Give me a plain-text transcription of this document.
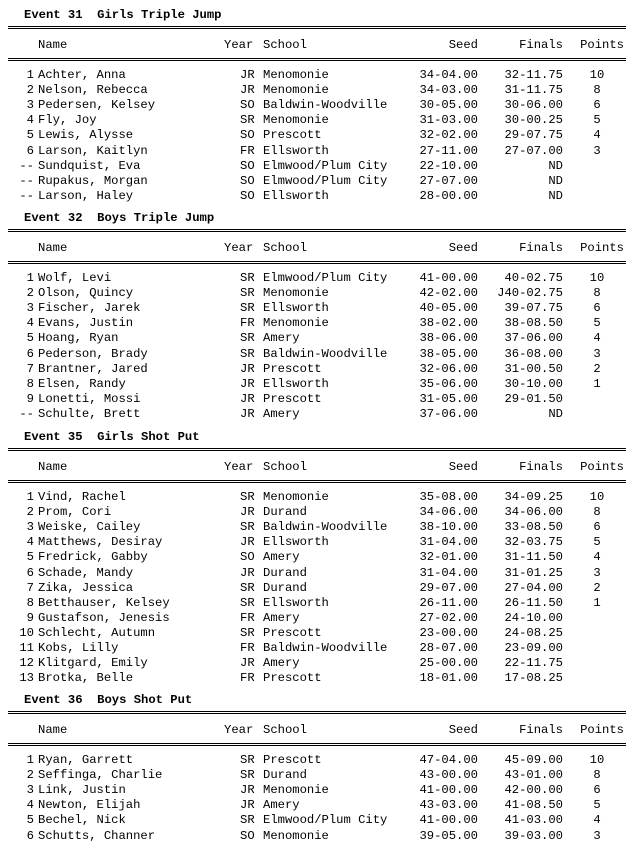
Event 31  Girls Triple Jump
Name	Year School	Seed	Finals Points
1 Achter, Anna	JR Menomonie	34-04.00	32-11.75	10
2 Nelson, Rebecca	JR Menomonie	34-03.00	31-11.75	8
3 Pedersen, Kelsey	SO Baldwin-Woodville	30-05.00	30-06.00	6
4 Fly, Joy	SR Menomonie	31-03.00	30-00.25	5
5 Lewis, Alysse	SO Prescott	32-02.00	29-07.75	4
6 Larson, Kaitlyn	FR Ellsworth	27-11.00	27-07.00	3
-- Sundquist, Eva	SO Elmwood/Plum City	22-10.00	ND
-- Rupakus, Morgan	SO Elmwood/Plum City	27-07.00	ND
-- Larson, Haley	SO Ellsworth	28-00.00	ND
Event 32  Boys Triple Jump
Name	Year School	Seed	Finals Points
1 Wolf, Levi	SR Elmwood/Plum City	41-00.00	40-02.75	10
2 Olson, Quincy	SR Menomonie	42-02.00	J40-02.75	8
3 Fischer, Jarek	SR Ellsworth	40-05.00	39-07.75	6
4 Evans, Justin	FR Menomonie	38-02.00	38-08.50	5
5 Hoang, Ryan	SR Amery	38-06.00	37-06.00	4
6 Pederson, Brady	SR Baldwin-Woodville	38-05.00	36-08.00	3
7 Brantner, Jared	JR Prescott	32-06.00	31-00.50	2
8 Elsen, Randy	JR Ellsworth	35-06.00	30-10.00	1
9 Lonetti, Mossi	JR Prescott	31-05.00	29-01.50
-- Schulte, Brett	JR Amery	37-06.00	ND
Event 35  Girls Shot Put
Name	Year School	Seed	Finals Points
1 Vind, Rachel	SR Menomonie	35-08.00	34-09.25	10
2 Prom, Cori	JR Durand	34-06.00	34-06.00	8
3 Weiske, Cailey	SR Baldwin-Woodville	38-10.00	33-08.50	6
4 Matthews, Desiray	JR Ellsworth	31-04.00	32-03.75	5
5 Fredrick, Gabby	SO Amery	32-01.00	31-11.50	4
6 Schade, Mandy	JR Durand	31-04.00	31-01.25	3
7 Zika, Jessica	SR Durand	29-07.00	27-04.00	2
8 Betthauser, Kelsey	SR Ellsworth	26-11.00	26-11.50	1
9 Gustafson, Jenesis	FR Amery	27-02.00	24-10.00
10 Schlecht, Autumn	SR Prescott	23-00.00	24-08.25
11 Kobs, Lilly	FR Baldwin-Woodville	28-07.00	23-09.00
12 Klitgard, Emily	JR Amery	25-00.00	22-11.75
13 Brotka, Belle	FR Prescott	18-01.00	17-08.25
Event 36  Boys Shot Put
Name	Year School	Seed	Finals Points
1 Ryan, Garrett	SR Prescott	47-04.00	45-09.00	10
2 Seffinga, Charlie	SR Durand	43-00.00	43-01.00	8
3 Link, Justin	JR Menomonie	41-00.00	42-00.00	6
4 Newton, Elijah	JR Amery	43-03.00	41-08.50	5
5 Bechel, Nick	SR Elmwood/Plum City	41-00.00	41-03.00	4
6 Schutts, Channer	SO Menomonie	39-05.00	39-03.00	3
